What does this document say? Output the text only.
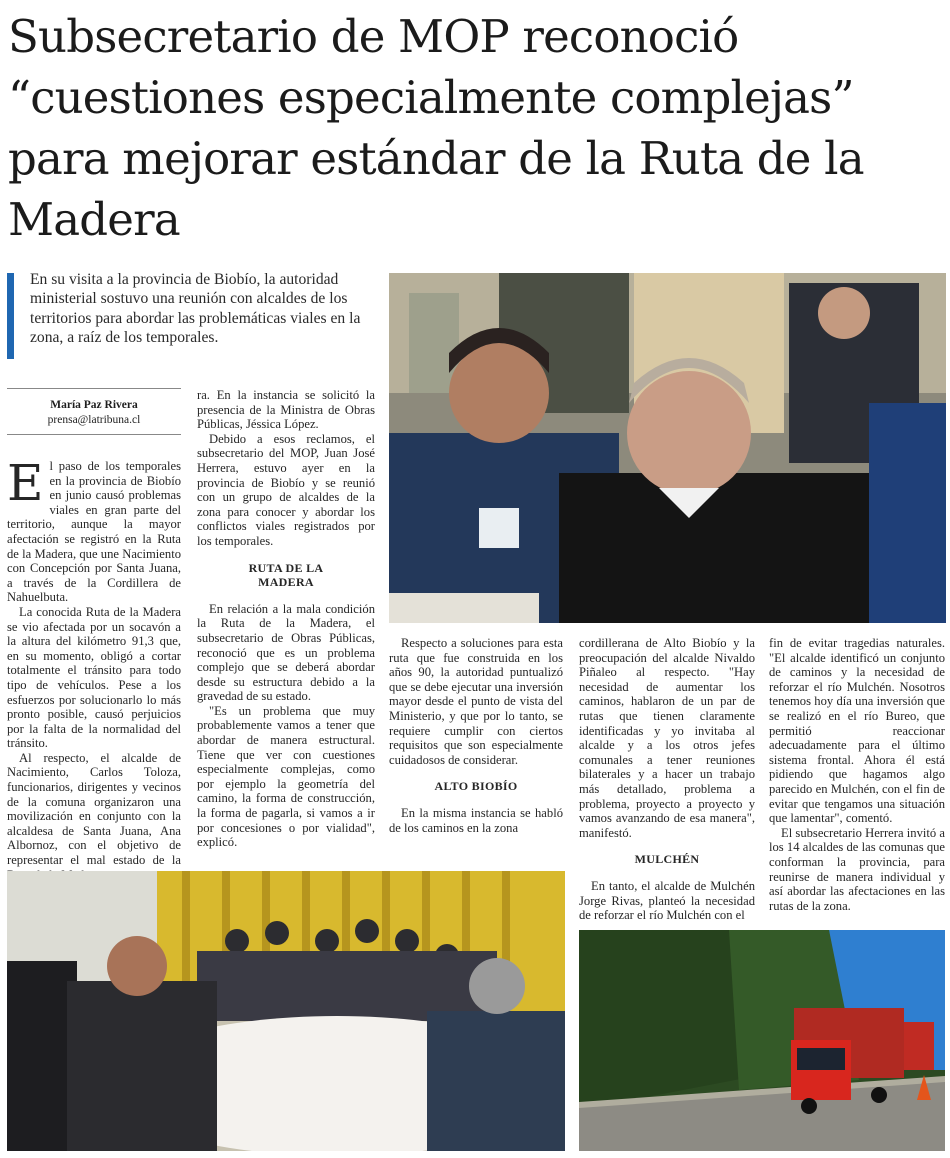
Subsecretario de MOP reconoció “cuestiones especialmente complejas” para mejorar estándar de la Ruta de la Madera

En su visita a la provincia de Biobío, la autoridad ministerial sostuvo una reunión con alcaldes de los territorios para abordar las problemáticas viales en la zona, a raíz de los temporales.

María Paz Rivera
prensa@latribuna.cl

El paso de los temporales en la provincia de Biobío en junio causó problemas viales en gran parte del territorio, aunque la mayor afectación se registró en la Ruta de la Madera, que une Nacimiento con Concepción por Santa Juana, a través de la Cordillera de Nahuelbuta.

La conocida Ruta de la Madera se vio afectada por un socavón a la altura del kilómetro 91,3 que, en su momento, obligó a cortar totalmente el tránsito para todo tipo de vehículos. Pese a los esfuerzos por solucionarlo lo más pronto posible, causó perjuicios por la falta de la normalidad del tránsito.

Al respecto, el alcalde de Nacimiento, Carlos Toloza, funcionarios, dirigentes y vecinos de la comuna organizaron una movilización en conjunto con la alcaldesa de Santa Juana, Ana Albornoz, con el objetivo de representar el mal estado de la

ra. En la instancia se solicitó la presencia de la Ministra de Obras Públicas, Jéssica López.

Debido a esos reclamos, el subsecretario del MOP, Juan José Herrera, estuvo ayer en la provincia de Biobío y se reunió con un grupo de alcaldes de la zona para conocer y abordar los conflictos viales registrados por los temporales.

RUTA DE LA MADERA

En relación a la mala condición la Ruta de la Madera, el subsecretario de Obras Públicas, reconoció que es un problema complejo que se deberá abordar desde su estructura debido a la gravedad de su estado.

"Es un problema que muy probablemente vamos a tener que abordar de manera estructural. Tiene que ver con cuestiones especialmente complejas, como por ejemplo la geometría del camino, la forma de construcción, la forma de pagarla, si vamos a ir por concesiones o por vialidad", explicó.

Respecto a soluciones para esta ruta que fue construida en los años 90, la autoridad puntualizó que se debe ejecutar una inversión mayor desde el punto de vista del Ministerio, y que por lo tanto, se requiere cumplir con ciertos requisitos que son especialmente cuidadosos de considerar.

ALTO BIOBÍO

En la misma instancia se habló de los caminos en la zona

cordillerana de Alto Biobío y la preocupación del alcalde Nivaldo Piñaleo al respecto. "Hay necesidad de aumentar los caminos, hablaron de un par de rutas que tienen claramente identificadas y yo invitaba al alcalde y a los otros jefes comunales a tener reuniones bilaterales y a hacer un trabajo más detallado, problema a problema, proyecto a proyecto y vamos avanzando de esa manera", manifestó.

MULCHÉN

En tanto, el alcalde de Mulchén Jorge Rivas, planteó la necesidad de reforzar el río Mulchén con el

fin de evitar tragedias naturales. "El alcalde identificó un conjunto de caminos y la necesidad de reforzar el río Mulchén. Nosotros tenemos hoy día una inversión que se realizó en el río Bureo, que permitió reaccionar adecuadamente para el último sistema frontal. Ahora él está pidiendo que hagamos algo parecido en Mulchén, con el fin de evitar que tengamos una situación que lamentar", comentó.

El subsecretario Herrera invitó a los 14 alcaldes de las comunas que conforman la provincia, para reunirse de manera individual y así abordar las afectaciones en las rutas de la zona.
